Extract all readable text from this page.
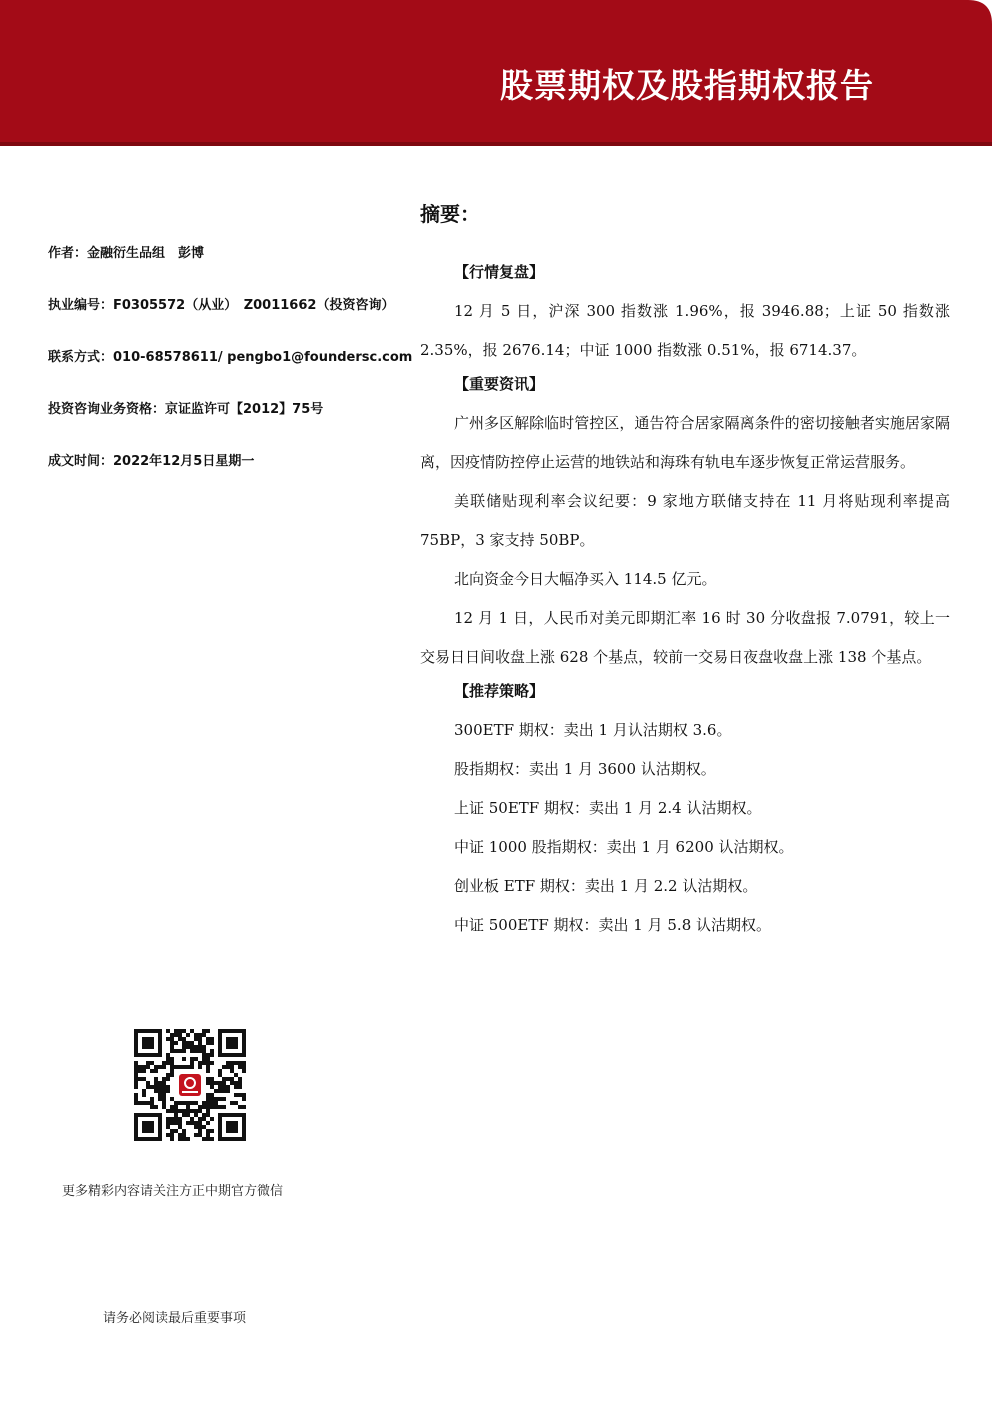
股票期权及股指期权报告
作者：金融衍生品组　彭博
执业编号：F0305572（从业）　Z0011662（投资咨询）
联系方式：010-68578611/ pengbo1@foundersc.com
投资咨询业务资格：京证监许可【2012】75号
成文时间：2022年12月5日星期一
更多精彩内容请关注方正中期官方微信
请务必阅读最后重要事项
摘要：
【行情复盘】

12 月 5 日，沪深 300 指数涨 1.96%，报 3946.88；上证 50 指数涨 2.35%，报 2676.14；中证 1000 指数涨 0.51%，报 6714.37。

【重要资讯】

广州多区解除临时管控区，通告符合居家隔离条件的密切接触者实施居家隔离，因疫情防控停止运营的地铁站和海珠有轨电车逐步恢复正常运营服务。

美联储贴现利率会议纪要：9 家地方联储支持在 11 月将贴现利率提高 75BP，3 家支持 50BP。

北向资金今日大幅净买入 114.5 亿元。

12 月 1 日，人民币对美元即期汇率 16 时 30 分收盘报 7.0791，较上一交易日日间收盘上涨 628 个基点，较前一交易日夜盘收盘上涨 138 个基点。

【推荐策略】

300ETF 期权：卖出 1 月认沽期权 3.6。

股指期权：卖出 1 月 3600 认沽期权。

上证 50ETF 期权：卖出 1 月 2.4 认沽期权。

中证 1000 股指期权：卖出 1 月 6200 认沽期权。

创业板 ETF 期权：卖出 1 月 2.2 认沽期权。

中证 500ETF 期权：卖出 1 月 5.8 认沽期权。
